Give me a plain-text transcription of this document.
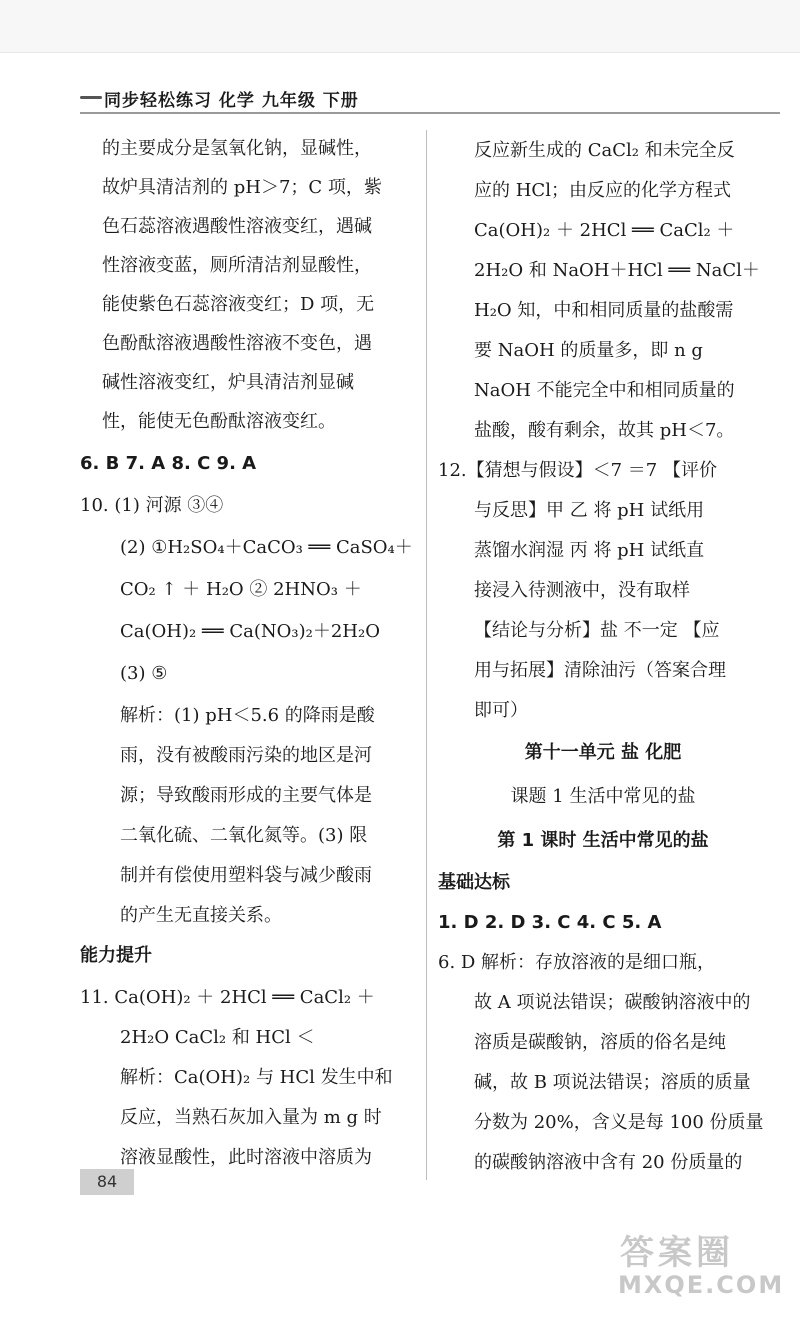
同步轻松练习 化学 九年级 下册
的主要成分是氢氧化钠，显碱性，
故炉具清洁剂的 pH＞7；C 项，紫
色石蕊溶液遇酸性溶液变红，遇碱
性溶液变蓝，厕所清洁剂显酸性，
能使紫色石蕊溶液变红；D 项，无
色酚酞溶液遇酸性溶液不变色，遇
碱性溶液变红，炉具清洁剂显碱
性，能使无色酚酞溶液变红。
6. B 7. A 8. C 9. A
10. (1) 河源 ③④
(2) ①H₂SO₄＋CaCO₃ ══ CaSO₄＋
CO₂ ↑ ＋ H₂O ② 2HNO₃ ＋
Ca(OH)₂ ══ Ca(NO₃)₂＋2H₂O
(3) ⑤
解析：(1) pH＜5.6 的降雨是酸
雨，没有被酸雨污染的地区是河
源；导致酸雨形成的主要气体是
二氧化硫、二氧化氮等。(3) 限
制并有偿使用塑料袋与减少酸雨
的产生无直接关系。
能力提升
11. Ca(OH)₂ ＋ 2HCl ══ CaCl₂ ＋
2H₂O CaCl₂ 和 HCl ＜
解析：Ca(OH)₂ 与 HCl 发生中和
反应，当熟石灰加入量为 m g 时
溶液显酸性，此时溶液中溶质为
反应新生成的 CaCl₂ 和未完全反
应的 HCl；由反应的化学方程式
Ca(OH)₂ ＋ 2HCl ══ CaCl₂ ＋
2H₂O 和 NaOH＋HCl ══ NaCl＋
H₂O 知，中和相同质量的盐酸需
要 NaOH 的质量多，即 n g
NaOH 不能完全中和相同质量的
盐酸，酸有剩余，故其 pH＜7。
12.【猜想与假设】＜7 ＝7 【评价
与反思】甲 乙 将 pH 试纸用
蒸馏水润湿 丙 将 pH 试纸直
接浸入待测液中，没有取样
【结论与分析】盐 不一定 【应
用与拓展】清除油污（答案合理
即可）
第十一单元 盐 化肥
课题 1 生活中常见的盐
第 1 课时 生活中常见的盐
基础达标
1. D 2. D 3. C 4. C 5. A
6. D 解析：存放溶液的是细口瓶，
故 A 项说法错误；碳酸钠溶液中的
溶质是碳酸钠，溶质的俗名是纯
碱，故 B 项说法错误；溶质的质量
分数为 20%，含义是每 100 份质量
的碳酸钠溶液中含有 20 份质量的
84
答案圈
MXQE.COM
